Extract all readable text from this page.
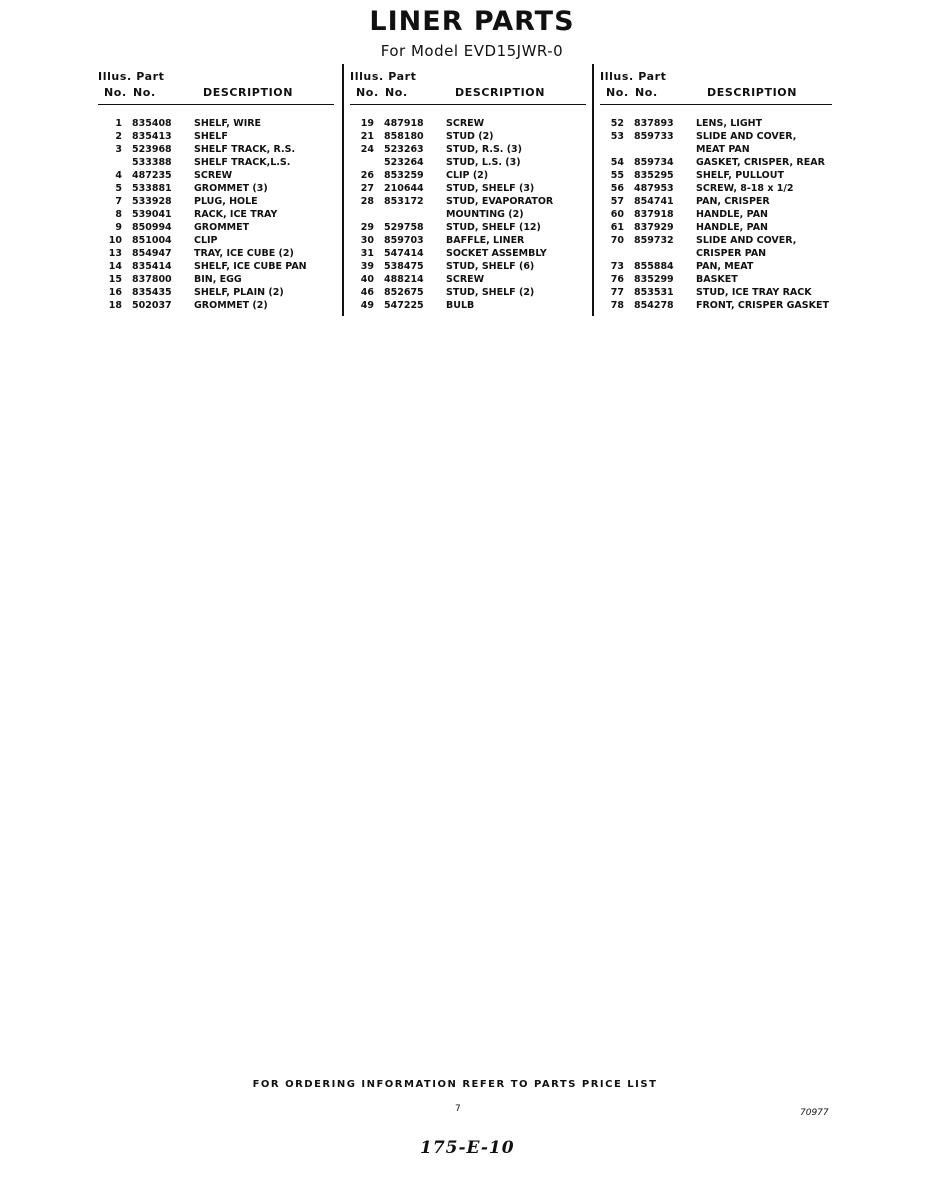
LINER PARTS
For Model EVD15JWR-0
Illus. Part
No. No.	DESCRIPTION
1 835408 SHELF, WIRE
2 835413 SHELF
3 523968 SHELF TRACK, R.S.
533388 SHELF TRACK,L.S.
4 487235 SCREW
5 533881 GROMMET (3)
7 533928 PLUG, HOLE
8 539041 RACK, ICE TRAY
9 850994 GROMMET
10 851004 CLIP
13 854947 TRAY, ICE CUBE (2)
14 835414 SHELF, ICE CUBE PAN
15 837800 BIN, EGG
16 835435 SHELF, PLAIN (2)
18 502037 GROMMET (2)
Illus. Part
No. No.	DESCRIPTION
19 487918 SCREW
21 858180 STUD (2)
24 523263 STUD, R.S. (3)
523264 STUD, L.S. (3)
26 853259 CLIP (2)
27 210644 STUD, SHELF (3)
28 853172 STUD, EVAPORATOR
MOUNTING (2)
29 529758 STUD, SHELF (12)
30 859703 BAFFLE, LINER
31 547414 SOCKET ASSEMBLY
39 538475 STUD, SHELF (6)
40 488214 SCREW
46 852675 STUD, SHELF (2)
49 547225 BULB
Illus. Part
No. No.	DESCRIPTION
52 837893 LENS, LIGHT
53 859733 SLIDE AND COVER,
MEAT PAN
54 859734 GASKET, CRISPER, REAR
55 835295 SHELF, PULLOUT
56 487953 SCREW, 8-18 x 1/2
57 854741 PAN, CRISPER
60 837918 HANDLE, PAN
61 837929 HANDLE, PAN
70 859732 SLIDE AND COVER,
CRISPER PAN
73 855884 PAN, MEAT
76 835299 BASKET
77 853531 STUD, ICE TRAY RACK
78 854278 FRONT, CRISPER GASKET
FOR ORDERING INFORMATION REFER TO PARTS PRICE LIST
7	70977
175-E-10
